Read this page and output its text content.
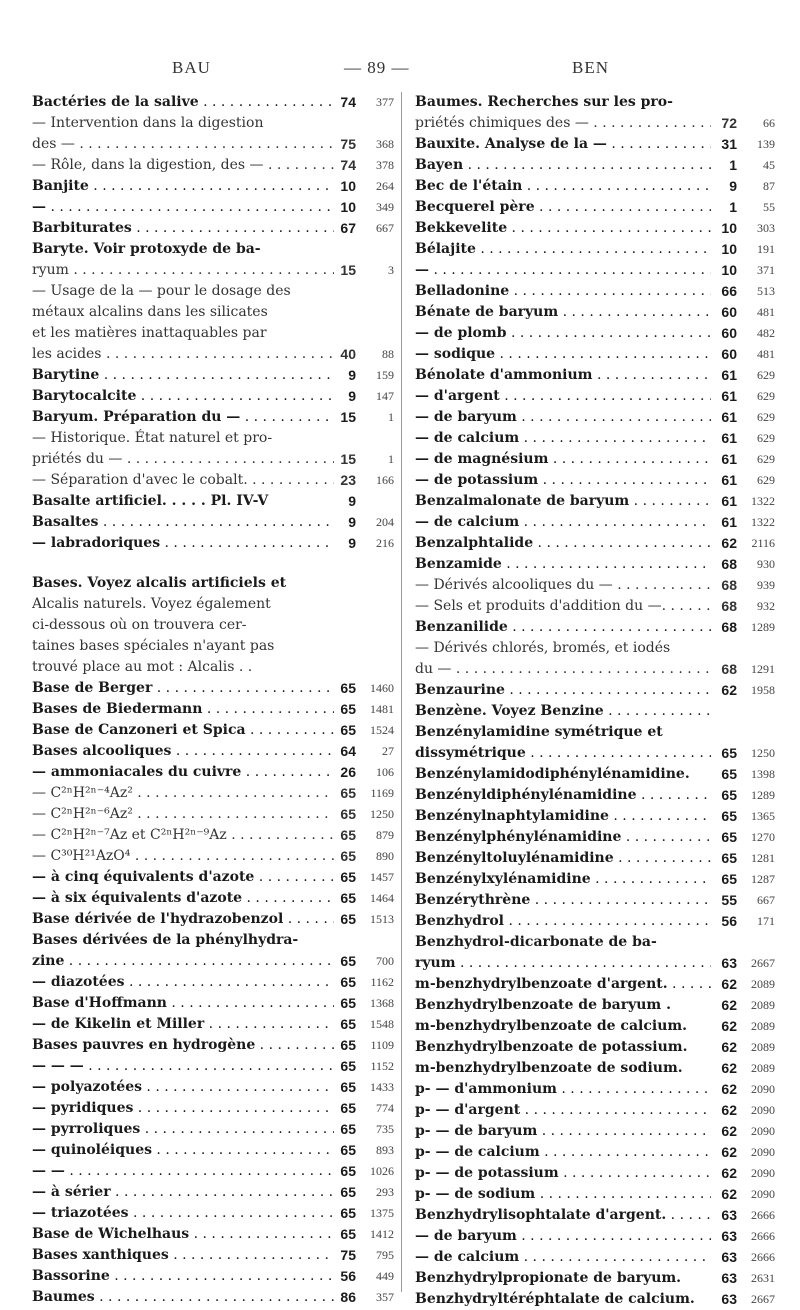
BAU	— 89 —	BEN
Bactéries de la salive . . .	74	377
— Intervention dans la digestion
des — . . .	75	368
— Rôle, dans la digestion, des — . . .	74	378
Banjite . . .	10	264
— . . .	10	349
Barbiturates . . .	67	667
Baryte. Voir protoxyde de ba-
ryum . . .	15	3
— Usage de la — pour le dosage des
métaux alcalins dans les silicates
et les matières inattaquables par
les acides . . .	40	88
Barytine . . .	9	159
Barytocalcite . . .	9	147
Baryum. Préparation du — . . .	15	1
— Historique. État naturel et pro-
priétés du — . . .	15	1
— Séparation d'avec le cobalt. . . .	23	166
Basalte artificiel. . . . . Pl. IV-V	9
Basaltes . . .	9	204
— labradoriques . . .	9	216
Bases. Voyez alcalis artificiels et
Alcalis naturels. Voyez également
ci-dessous où on trouvera cer-
taines bases spéciales n'ayant pas
trouvé place au mot : Alcalis . .
Base de Berger . . .	65	1460
Bases de Biedermann . . .	65	1481
Base de Canzoneri et Spica . . .	65	1524
Bases alcooliques . . .	64	27
— ammoniacales du cuivre . . .	26	106
— C²ⁿH²ⁿ⁻⁴Az² . . .	65	1169
— C²ⁿH²ⁿ⁻⁶Az² . . .	65	1250
— C²ⁿH²ⁿ⁻⁷Az et C²ⁿH²ⁿ⁻⁹Az . . .	65	879
— C³⁰H²¹AzO⁴ . . .	65	890
— à cinq équivalents d'azote . . .	65	1457
— à six équivalents d'azote . . .	65	1464
Base dérivée de l'hydrazobenzol . . .	65	1513
Bases dérivées de la phénylhydra-
zine . . .	65	700
— diazotées . . .	65	1162
Base d'Hoffmann . . .	65	1368
— de Kikelin et Miller . . .	65	1548
Bases pauvres en hydrogène . . .	65	1109
— — — . . .	65	1152
— polyazotées . . .	65	1433
— pyridiques . . .	65	774
— pyrroliques . . .	65	735
— quinoléiques . . .	65	893
— — . . .	65	1026
— à sérier . . .	65	293
— triazotées . . .	65	1375
Base de Wichelhaus . . .	65	1412
Bases xanthiques . . .	75	795
Bassorine . . .	56	449
Baumes . . .	86	357
Baumes. Recherches sur les pro-
priétés chimiques des — . . .	72	66
Bauxite. Analyse de la — . . .	31	139
Bayen . . .	1	45
Bec de l'étain . . .	9	87
Becquerel père . . .	1	55
Bekkevelite . . .	10	303
Bélajite . . .	10	191
— . . .	10	371
Belladonine . . .	66	513
Bénate de baryum . . .	60	481
— de plomb . . .	60	482
— sodique . . .	60	481
Bénolate d'ammonium . . .	61	629
— d'argent . . .	61	629
— de baryum . . .	61	629
— de calcium . . .	61	629
— de magnésium . . .	61	629
— de potassium . . .	61	629
Benzalmalonate de baryum . . .	61	1322
— de calcium . . .	61	1322
Benzalphtalide . . .	62	2116
Benzamide . . .	68	930
— Dérivés alcooliques du — . . .	68	939
— Sels et produits d'addition du —. . . .	68	932
Benzanilide . . .	68	1289
— Dérivés chlorés, bromés, et iodés
du — . . .	68	1291
Benzaurine . . .	62	1958
Benzène. Voyez Benzine . . .
Benzénylamidine symétrique et
dissymétrique . . .	65	1250
Benzénylamidodiphénylénamidine.	65	1398
Benzényldiphénylénamidine . . .	65	1289
Benzénylnaphtylamidine . . .	65	1365
Benzénylphénylénamidine . . .	65	1270
Benzényltoluylénamidine . . .	65	1281
Benzénylxylénamidine . . .	65	1287
Benzérythrène . . .	55	667
Benzhydrol . . .	56	171
Benzhydrol-dicarbonate de ba-
ryum . . .	63	2667
m-benzhydrylbenzoate d'argent. . . .	62	2089
Benzhydrylbenzoate de baryum .	62	2089
m-benzhydrylbenzoate de calcium.	62	2089
Benzhydrylbenzoate de potassium.	62	2089
m-benzhydrylbenzoate de sodium.	62	2089
p- — d'ammonium . . .	62	2090
p- — d'argent . . .	62	2090
p- — de baryum . . .	62	2090
p- — de calcium . . .	62	2090
p- — de potassium . . .	62	2090
p- — de sodium . . .	62	2090
Benzhydrylisophtalate d'argent. . . .	63	2666
— de baryum . . .	63	2666
— de calcium . . .	63	2666
Benzhydrylpropionate de baryum.	63	2631
Benzhydryltéréphtalate de calcium.	63	2667
